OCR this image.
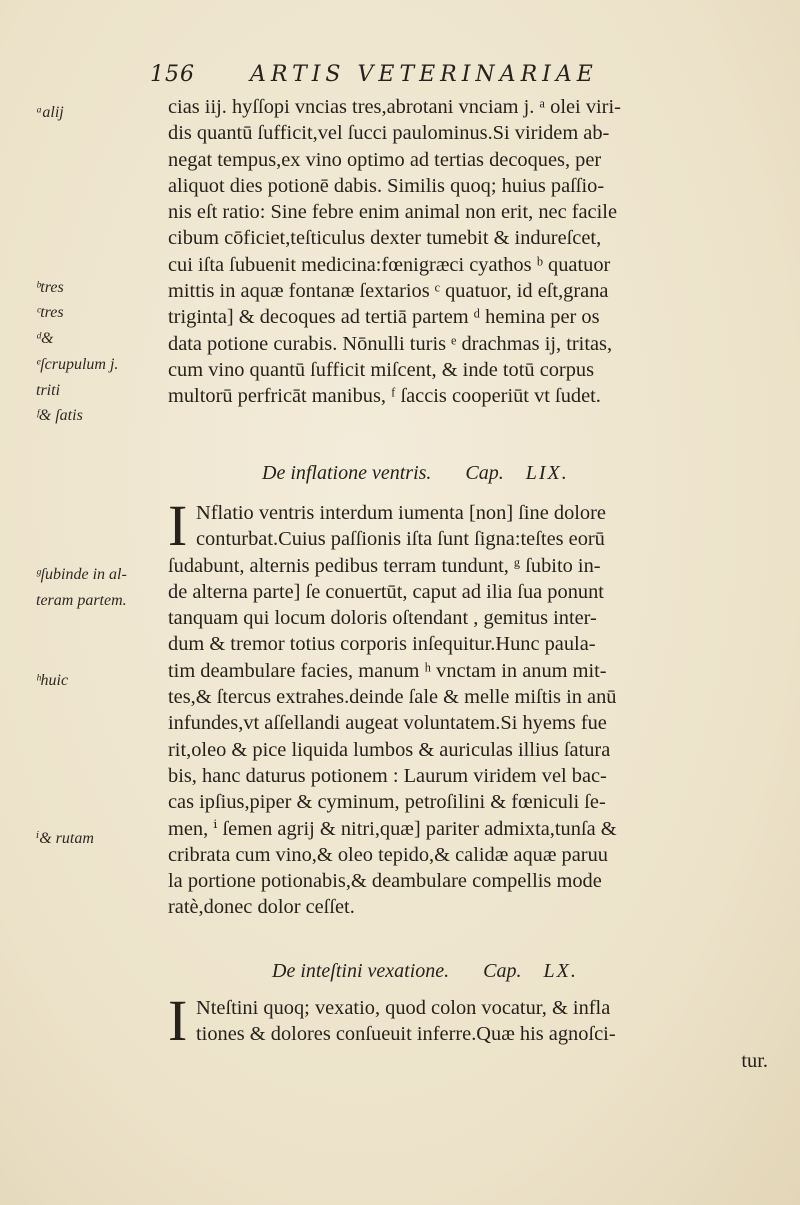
156	ARTIS VETERINARIAE
cias iij. hyſſopi vncias tres,abrotani vnciam j. ᵃ olei viri-
dis quantū ſufficit,vel ſucci paulominus.Si viridem ab-
negat tempus,ex vino optimo ad tertias decoques, per
aliquot dies potionē dabis. Similis quoq; huius paſſio-
nis eſt ratio: Sine febre enim animal non erit, nec facile
cibum cōficiet,teſticulus dexter tumebit & indureſcet,
cui iſta ſubuenit medicina:fœnigræci cyathos ᵇ quatuor
mittis in aquæ fontanæ ſextarios ᶜ quatuor, id eſt,grana
triginta] & decoques ad tertiā partem ᵈ hemina per os
data potione curabis. Nōnulli turis ᵉ drachmas ij, tritas,
cum vino quantū ſufficit miſcent, & inde totū corpus
multorū perfricāt manibus, ᶠ ſaccis cooperiūt vt ſudet.
De inflatione ventris. Cap. LIX.
I Nflatio ventris interdum iumenta [non] ſine dolore
conturbat.Cuius paſſionis iſta ſunt ſigna:teſtes eorū
ſudabunt, alternis pedibus terram tundunt, ᵍ ſubito in-
de alterna parte] ſe conuertūt, caput ad ilia ſua ponunt
tanquam qui locum doloris oſtendant , gemitus inter-
dum & tremor totius corporis inſequitur.Hunc paula-
tim deambulare facies, manum ʰ vnctam in anum mit-
tes,& ſtercus extrahes.deinde ſale & melle miſtis in anū
infundes,vt aſſellandi augeat voluntatem.Si hyems fue
rit,oleo & pice liquida lumbos & auriculas illius ſatura
bis, hanc daturus potionem : Laurum viridem vel bac-
cas ipſius,piper & cyminum, petroſilini & fœniculi ſe-
men, ⁱ ſemen agrij & nitri,quæ] pariter admixta,tunſa &
cribrata cum vino,& oleo tepido,& calidæ aquæ paruu
la portione potionabis,& deambulare compellis mode
ratè,donec dolor ceſſet.
De inteſtini vexatione. Cap. LX.
I Nteſtini quoq; vexatio, quod colon vocatur, & infla
tiones & dolores conſueuit inferre.Quæ his agnoſci-
tur.
ᵃalij
ᵇtres
ᶜtres
ᵈ&
ᵉſcrupulum j.
triti
ᶠ& ſatis
ᵍſubinde in al-
teram partem.
ʰhuic
ⁱ& rutam
